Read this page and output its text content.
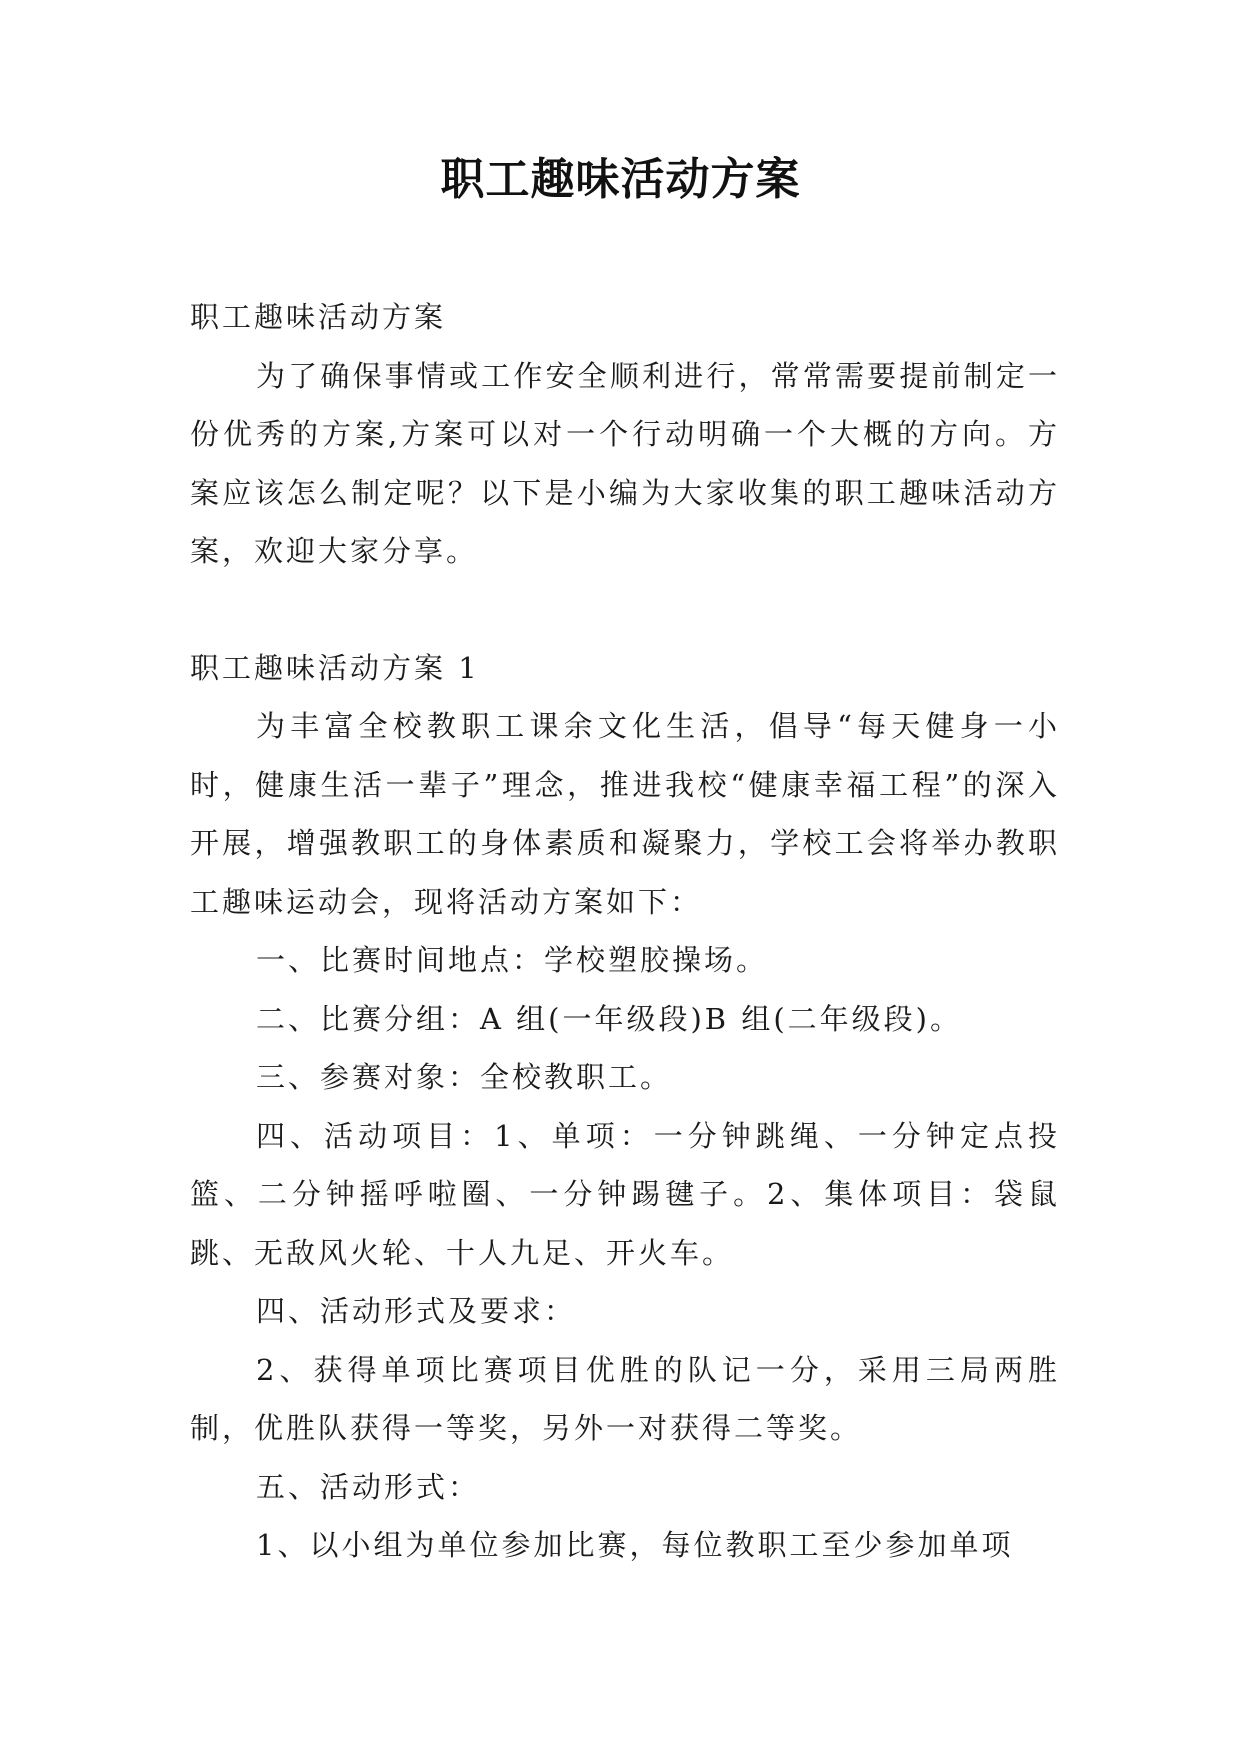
职工趣味活动方案

职工趣味活动方案

为了确保事情或工作安全顺利进行，常常需要提前制定一份优秀的方案,方案可以对一个行动明确一个大概的方向。方案应该怎么制定呢？以下是小编为大家收集的职工趣味活动方案，欢迎大家分享。

职工趣味活动方案 1

为丰富全校教职工课余文化生活，倡导“每天健身一小时，健康生活一辈子”理念，推进我校“健康幸福工程”的深入开展，增强教职工的身体素质和凝聚力，学校工会将举办教职工趣味运动会，现将活动方案如下：

一、比赛时间地点：学校塑胶操场。

二、比赛分组：A 组(一年级段)B 组(二年级段)。

三、参赛对象：全校教职工。

四、活动项目：1、单项：一分钟跳绳、一分钟定点投篮、二分钟摇呼啦圈、一分钟踢毽子。2、集体项目：袋鼠跳、无敌风火轮、十人九足、开火车。

四、活动形式及要求：

2、获得单项比赛项目优胜的队记一分，采用三局两胜制，优胜队获得一等奖，另外一对获得二等奖。

五、活动形式：

1、以小组为单位参加比赛，每位教职工至少参加单项
